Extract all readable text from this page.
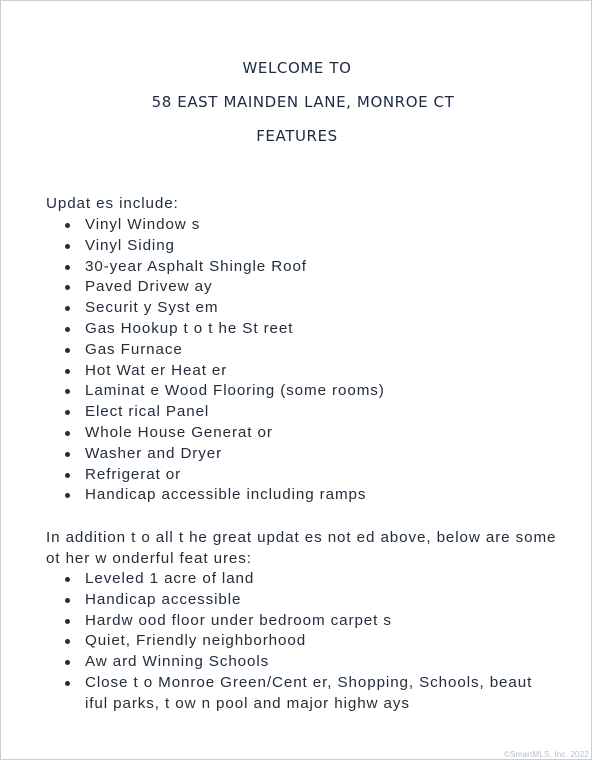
WELCOME TO
58 EAST MAINDEN LANE, MONROE CT
FEATURES
Updat es include:
Vinyl Window s
Vinyl Siding
30-year Asphalt Shingle Roof
Paved Drivew ay
Securit y Syst em
Gas Hookup t o t he St reet
Gas Furnace
Hot Wat er Heat er
Laminat e Wood Flooring (some rooms)
Elect rical Panel
Whole House Generat or
Washer and Dryer
Refrigerat or
Handicap accessible including ramps
In addition t o all t he great updat es not ed above, below are some ot her w onderful feat ures:
Leveled 1 acre of land
Handicap accessible
Hardw ood floor under bedroom carpet s
Quiet, Friendly neighborhood
Aw ard Winning Schools
Close t o Monroe Green/Cent er, Shopping, Schools, beaut iful parks, t ow n pool and major highw ays
©SmartMLS, Inc. 2022
